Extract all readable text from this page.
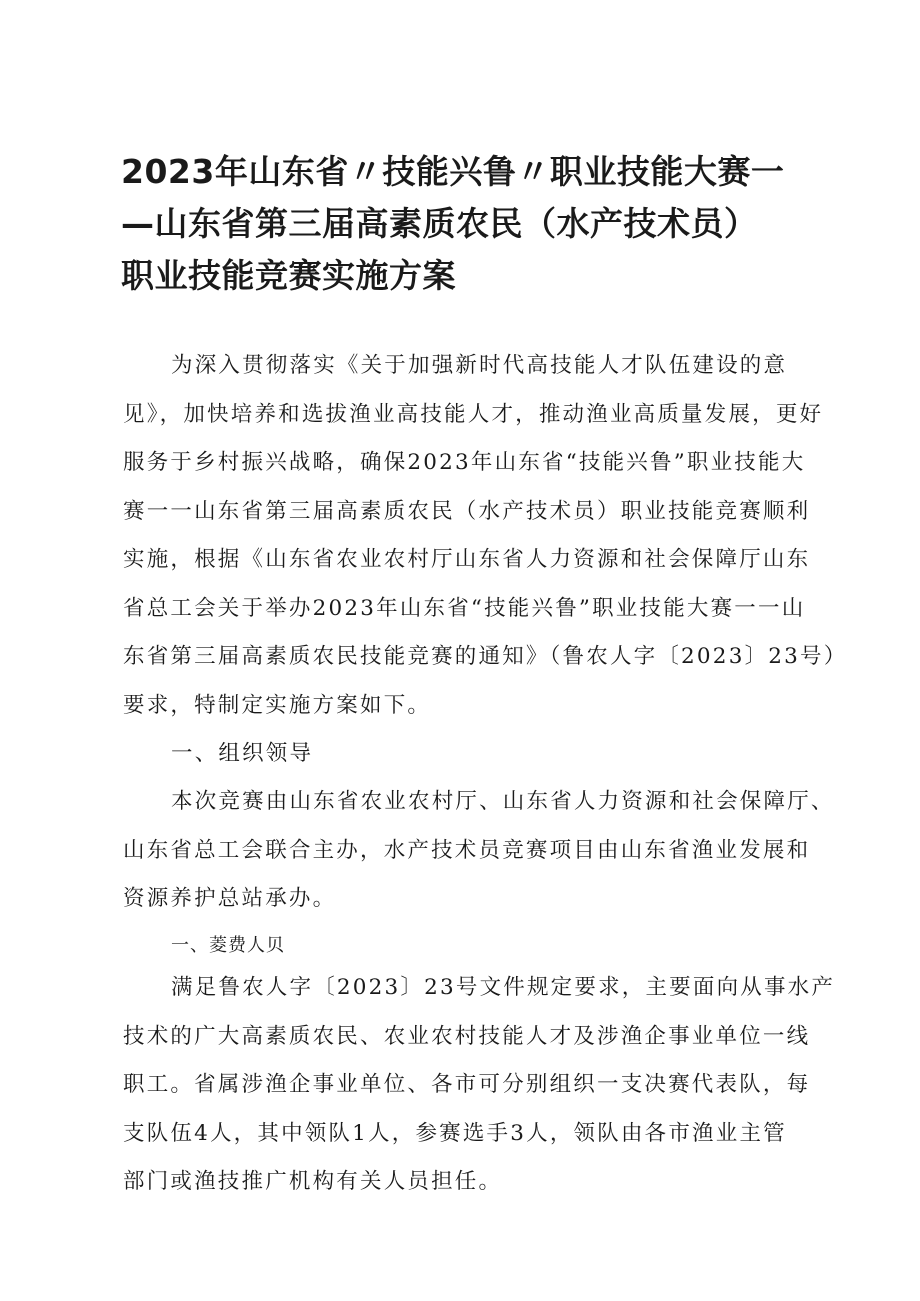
2023年山东省〃技能兴鲁〃职业技能大赛一
—山东省第三届高素质农民（水产技术员）
职业技能竞赛实施方案
为深入贯彻落实《关于加强新时代高技能人才队伍建设的意
见》，加快培养和选拔渔业高技能人才，推动渔业高质量发展，更好
服务于乡村振兴战略，确保2023年山东省“技能兴鲁”职业技能大
赛一一山东省第三届高素质农民（水产技术员）职业技能竞赛顺利
实施，根据《山东省农业农村厅山东省人力资源和社会保障厅山东
省总工会关于举办2023年山东省“技能兴鲁”职业技能大赛一一山
东省第三届高素质农民技能竞赛的通知》（鲁农人字〔2023〕23号）
要求，特制定实施方案如下。
一、组织领导
本次竞赛由山东省农业农村厅、山东省人力资源和社会保障厅、
山东省总工会联合主办，水产技术员竞赛项目由山东省渔业发展和
资源养护总站承办。
一、菱费人贝
满足鲁农人字〔2023〕23号文件规定要求，主要面向从事水产
技术的广大高素质农民、农业农村技能人才及涉渔企事业单位一线
职工。省属涉渔企事业单位、各市可分别组织一支决赛代表队，每
支队伍4人，其中领队1人，参赛选手3人，领队由各市渔业主管
部门或渔技推广机构有关人员担任。
